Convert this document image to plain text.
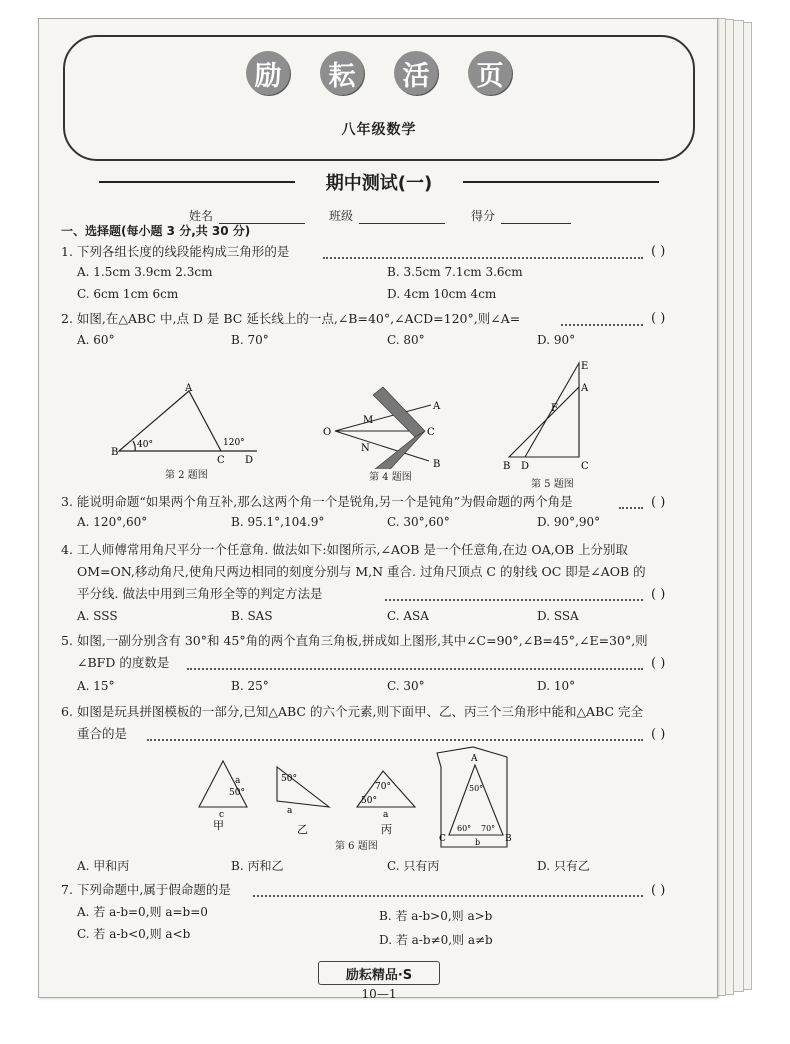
励	耘	活	页
八年级数学
期中测试(一)
姓名	班级	得分
一、选择题(每小题 3 分,共 30 分)
1. 下列各组长度的线段能构成三角形的是	( )
A. 1.5cm 3.9cm 2.3cm	B. 3.5cm 7.1cm 3.6cm
C. 6cm 1cm 6cm	D. 4cm 10cm 4cm
2. 如图,在△ABC 中,点 D 是 BC 延长线上的一点,∠B=40°,∠ACD=120°,则∠A=	( )
A. 60°	B. 70°	C. 80°	D. 90°
A
B
C D
40°	120°
第 2 题图
O
A
B
C
M
N
第 4 题图
E
A
F
B D	C
第 5 题图
3. 能说明命题“如果两个角互补,那么这两个角一个是锐角,另一个是钝角”为假命题的两个角是	( )
A. 120°,60°	B. 95.1°,104.9°	C. 30°,60°	D. 90°,90°
4. 工人师傅常用角尺平分一个任意角. 做法如下:如图所示,∠AOB 是一个任意角,在边 OA,OB 上分别取
OM=ON,移动角尺,使角尺两边相同的刻度分别与 M,N 重合. 过角尺顶点 C 的射线 OC 即是∠AOB 的
平分线. 做法中用到三角形全等的判定方法是	( )
A. SSS	B. SAS	C. ASA	D. SSA
5. 如图,一副分别含有 30°和 45°角的两个直角三角板,拼成如上图形,其中∠C=90°,∠B=45°,∠E=30°,则
∠BFD 的度数是	( )
A. 15°	B. 25°	C. 30°	D. 10°
6. 如图是玩具拼图模板的一部分,已知△ABC 的六个元素,则下面甲、乙、丙三个三角形中能和△ABC 完全
重合的是	( )
甲	乙	丙
50°
a
c
50°
a
70°
50°
a
A
C	B
50°
60° 70°
b
第 6 题图
A. 甲和丙	B. 丙和乙	C. 只有丙	D. 只有乙
7. 下列命题中,属于假命题的是	( )
A. 若 a-b=0,则 a=b=0	B. 若 a-b>0,则 a>b
C. 若 a-b<0,则 a<b	D. 若 a-b≠0,则 a≠b
励耘精品·S
10—1
